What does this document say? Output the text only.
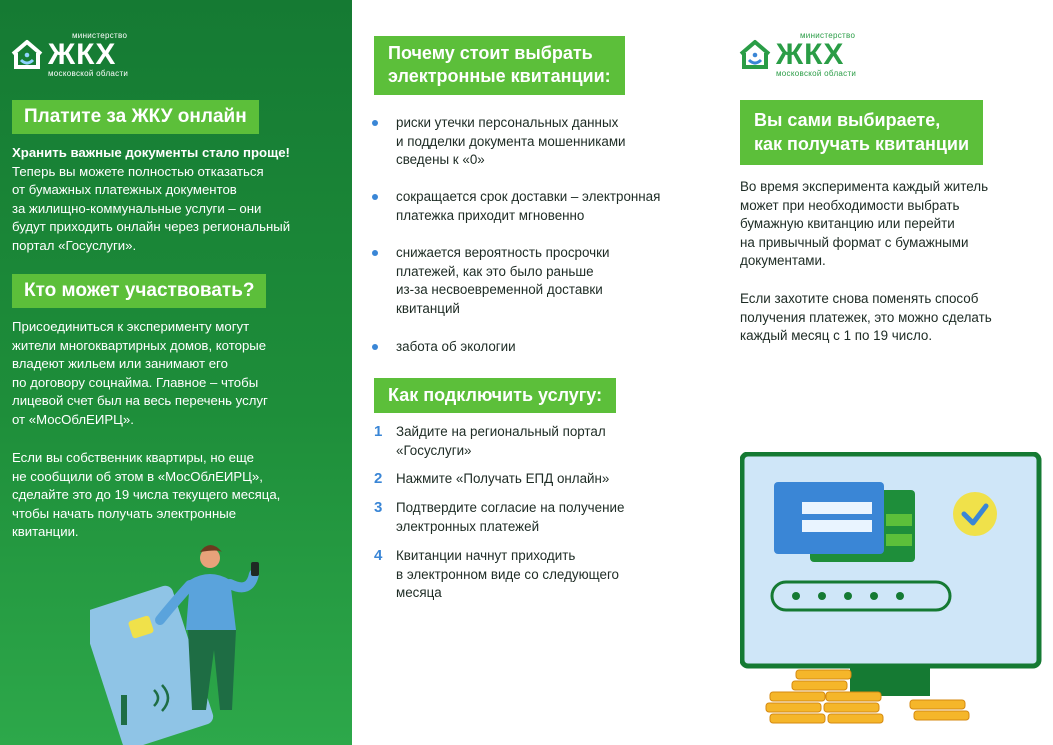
министерство
ЖКХ
московской области
Платите за ЖКУ онлайн
Хранить важные документы стало проще!
Теперь вы можете полностью отказаться
от бумажных платежных документов
за жилищно-коммунальные услуги – они
будут приходить онлайн через региональный
портал «Госуслуги».
Кто может участвовать?
Присоединиться к эксперименту могут
жители многоквартирных домов, которые
владеют жильем или занимают его
по договору соцнайма. Главное – чтобы
лицевой счет был на весь перечень услуг
от «МосОблЕИРЦ».
Если вы собственник квартиры, но еще
не сообщили об этом в «МосОблЕИРЦ»,
сделайте это до 19 числа текущего месяца,
чтобы начать получать электронные
квитанции.
Почему стоит выбрать
электронные квитанции:
риски утечки персональных данных
и подделки документа мошенниками
сведены к «0»
сокращается срок доставки – электронная
платежка приходит мгновенно
снижается вероятность просрочки
платежей, как это было раньше
из-за несвоевременной доставки
квитанций
забота об экологии
Как подключить услугу:
1 Зайдите на региональный портал
«Госуслуги»
2 Нажмите «Получать ЕПД онлайн»
3 Подтвердите согласие на получение
электронных платежей
4 Квитанции начнут приходить
в электронном виде со следующего
месяца
министерство
ЖКХ
московской области
Вы сами выбираете,
как получать квитанции
Во время эксперимента каждый житель
может при необходимости выбрать
бумажную квитанцию или перейти
на привычный формат с бумажными
документами.
Если захотите снова поменять способ
получения платежек, это можно сделать
каждый месяц с 1 по 19 число.
